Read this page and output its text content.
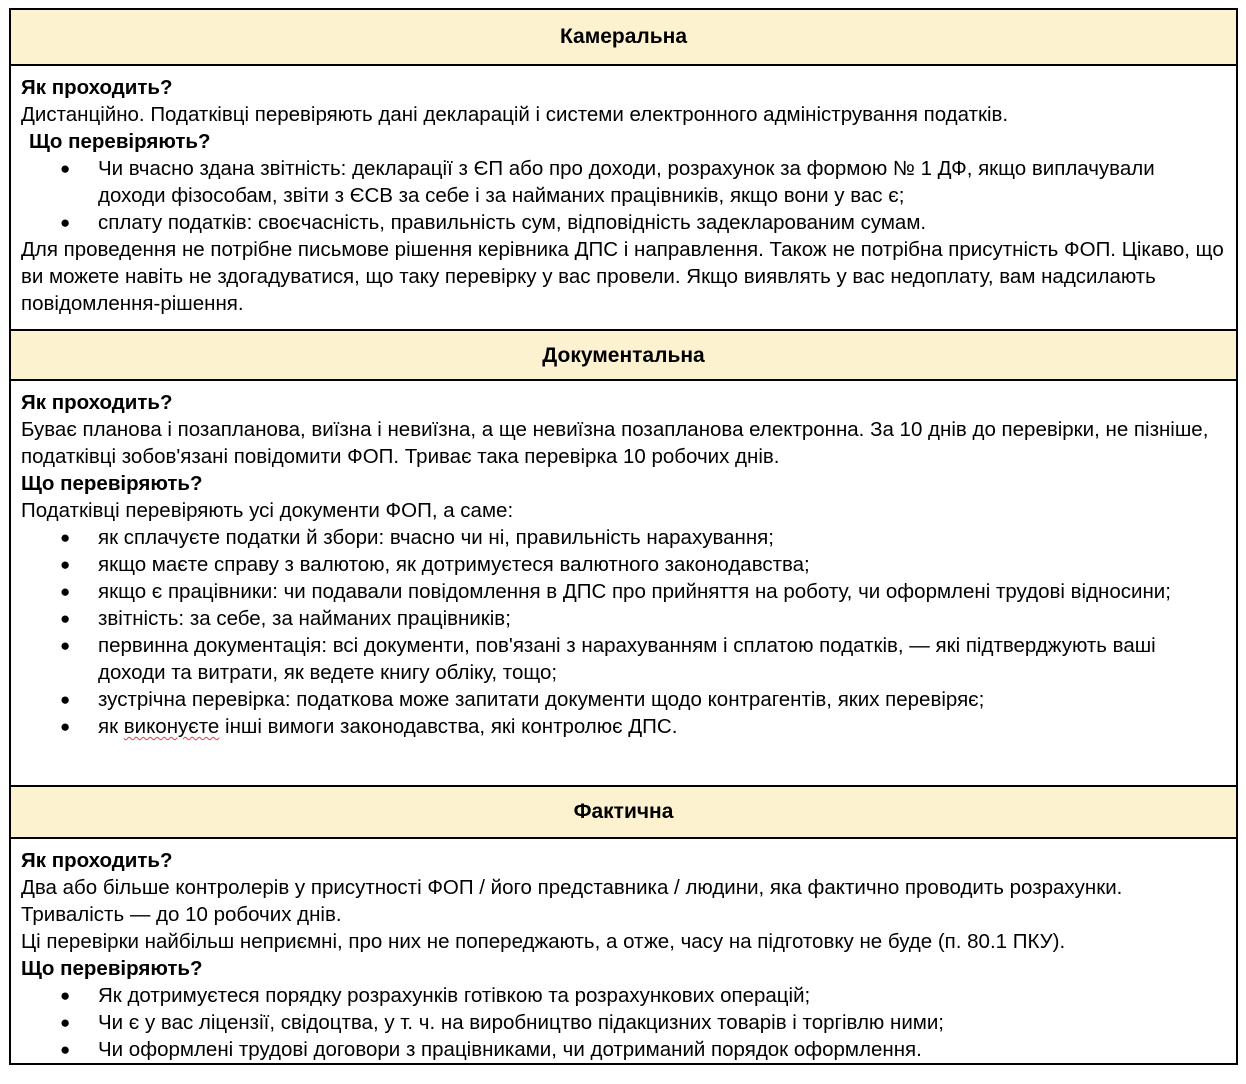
Камеральна

Як проходить?
Дистанційно. Податківці перевіряють дані декларацій і системи електронного адміністрування податків.
Що перевіряють?
● Чи вчасно здана звітність: декларації з ЄП або про доходи, розрахунок за формою № 1 ДФ, якщо виплачували доходи фізособам, звіти з ЄСВ за себе і за найманих працівників, якщо вони у вас є;
● сплату податків: своєчасність, правильність сум, відповідність задекларованим сумам.
Для проведення не потрібне письмове рішення керівника ДПС і направлення. Також не потрібна присутність ФОП. Цікаво, що ви можете навіть не здогадуватися, що таку перевірку у вас провели. Якщо виявлять у вас недоплату, вам надсилають повідомлення-рішення.

Документальна

Як проходить?
Буває планова і позапланова, виїзна і невиїзна, а ще невиїзна позапланова електронна. За 10 днів до перевірки, не пізніше, податківці зобов'язані повідомити ФОП. Триває така перевірка 10 робочих днів.
Що перевіряють?
Податківці перевіряють усі документи ФОП, а саме:
● як сплачуєте податки й збори: вчасно чи ні, правильність нарахування;
● якщо маєте справу з валютою, як дотримуєтеся валютного законодавства;
● якщо є працівники: чи подавали повідомлення в ДПС про прийняття на роботу, чи оформлені трудові відносини;
● звітність: за себе, за найманих працівників;
● первинна документація: всі документи, пов'язані з нарахуванням і сплатою податків, — які підтверджують ваші доходи та витрати, як ведете книгу обліку, тощо;
● зустрічна перевірка: податкова може запитати документи щодо контрагентів, яких перевіряє;
● як виконуєте інші вимоги законодавства, які контролює ДПС.

Фактична

Як проходить?
Два або більше контролерів у присутності ФОП / його представника / людини, яка фактично проводить розрахунки. Тривалість — до 10 робочих днів.
Ці перевірки найбільш неприємні, про них не попереджають, а отже, часу на підготовку не буде (п. 80.1 ПКУ).
Що перевіряють?
● Як дотримуєтеся порядку розрахунків готівкою та розрахункових операцій;
● Чи є у вас ліцензії, свідоцтва, у т. ч. на виробництво підакцизних товарів і торгівлю ними;
● Чи оформлені трудові договори з працівниками, чи дотриманий порядок оформлення.
